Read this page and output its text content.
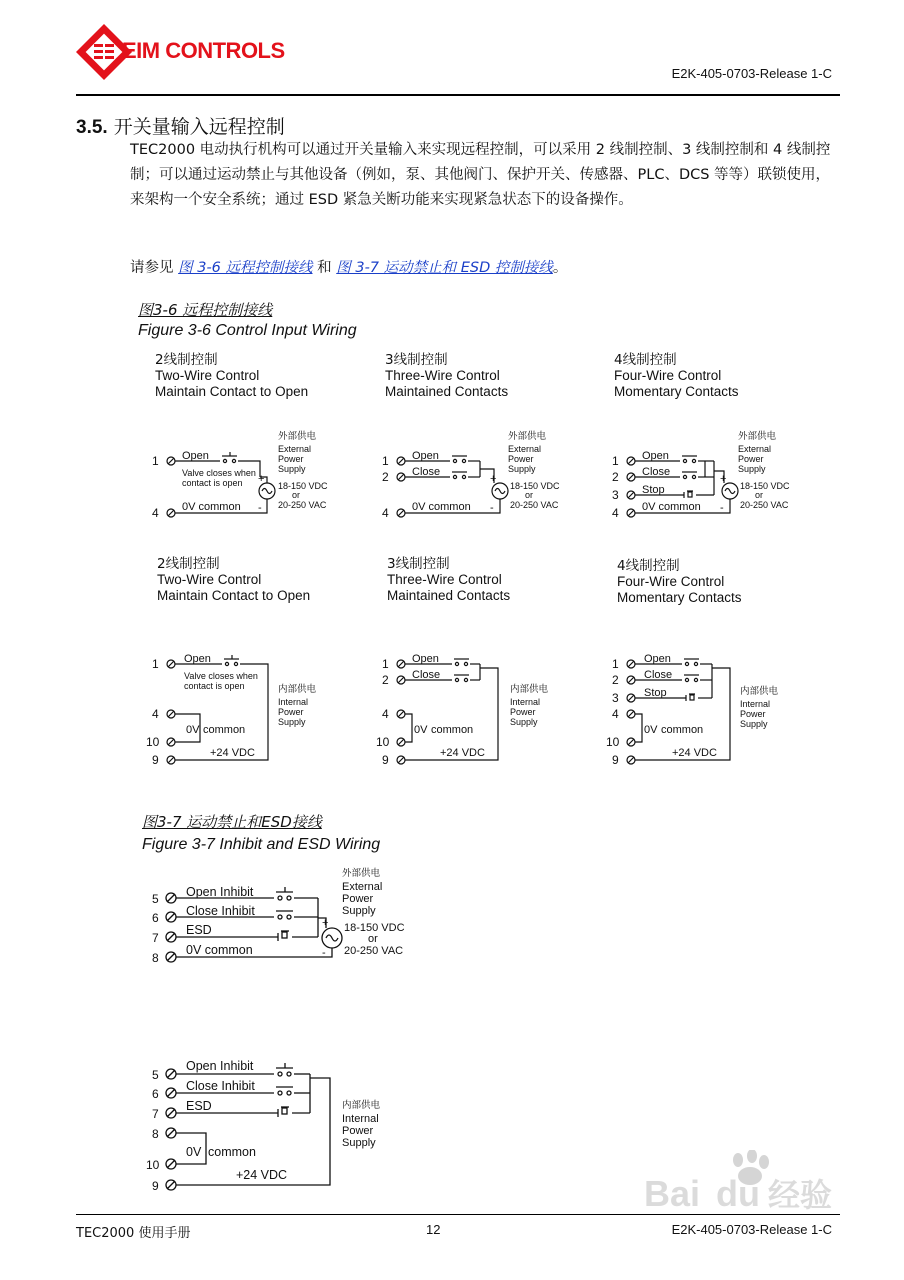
EIM CONTROLS
E2K-405-0703-Release 1-C
3.5. 开关量输入远程控制
TEC2000 电动执行机构可以通过开关量输入来实现远程控制，可以采用 2 线制控制、3 线制控制和 4 线制控制；可以通过运动禁止与其他设备（例如，泵、其他阀门、保护开关、传感器、PLC、DCS 等等）联锁使用，来架构一个安全系统；通过 ESD 紧急关断功能来实现紧急状态下的设备操作。
请参见 图 3-6 远程控制接线 和 图 3-7 运动禁止和 ESD 控制接线。
图3-6 远程控制接线
Figure 3-6 Control Input Wiring
2线制控制
Two-Wire Control
Maintain Contact to Open
3线制控制
Three-Wire Control
Maintained Contacts
4线制控制
Four-Wire Control
Momentary Contacts
2线制控制
Two-Wire Control
Maintain Contact to Open
3线制控制
Three-Wire Control
Maintained Contacts
4线制控制
Four-Wire Control
Momentary Contacts
1
4
Open
Valve closes when
contact is open
0V common
外部供电
External
Power
Supply
18-150 VDC
or
20-250 VAC
+
-
1
2
4
Open
Close
0V common
外部供电
External
Power
Supply
18-150 VDC
or
20-250 VAC
+
-
1
2
3
4
Open
Close
Stop
0V common
外部供电
External
Power
Supply
18-150 VDC
or
20-250 VAC
+
-
1
4
10
9
Open
Valve closes when
contact is open
0V common
+24 VDC
内部供电
Internal
Power
Supply
1
2
4
10
9
Open
Close
0V common
+24 VDC
内部供电
Internal
Power
Supply
1
2
3
4
10
9
Open
Close
Stop
0V common
+24 VDC
内部供电
Internal
Power
Supply
图3-7 运动禁止和ESD接线
Figure 3-7 Inhibit and ESD Wiring
5
6
7
8
Open Inhibit
Close Inhibit
ESD
0V common
外部供电
External
Power
Supply
18-150 VDC
or
20-250 VAC
+
-
5
6
7
8
10
9
Open Inhibit
Close Inhibit
ESD
0V common
+24 VDC
内部供电
Internal
Power
Supply
Bai du 经验
TEC2000 使用手册	12	E2K-405-0703-Release 1-C
